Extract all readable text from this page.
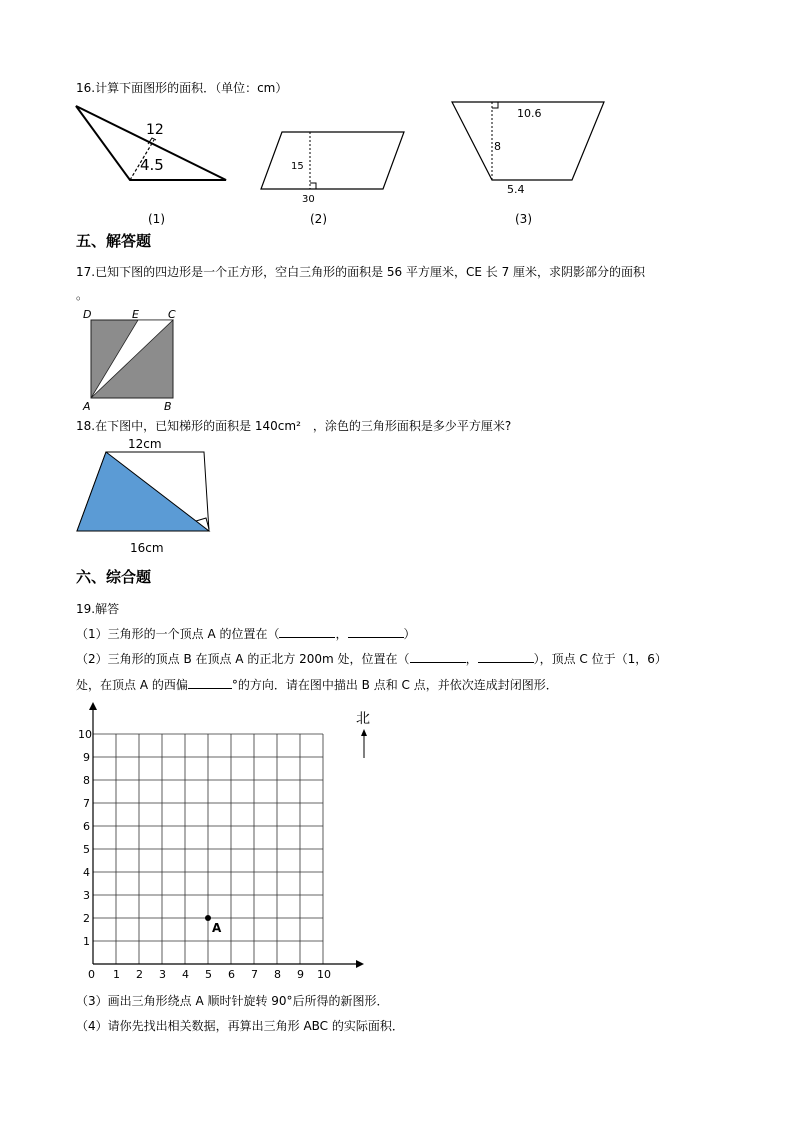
16.计算下面图形的面积．（单位：cm）
12
4.5
(1)
15
30
(2)
10.6
8
5.4
(3)
五、解答题
17.已知下图的四边形是一个正方形，空白三角形的面积是 56 平方厘米，CE 长 7 厘米，求阴影部分的面积
。
D	E	C
A	B
18.在下图中，已知梯形的面积是 140cm²　，涂色的三角形面积是多少平方厘米?
12cm
16cm
六、综合题
19.解答
（1）三角形的一个顶点 A 的位置在（	，	）
（2）三角形的顶点 B 在顶点 A 的正北方 200m 处，位置在（	，	），顶点 C 位于（1，6）
处，在顶点 A 的西偏	°的方向．请在图中描出 B 点和 C 点，并依次连成封闭图形．
0 1 2 3 4 5 6 7 8 9 10
1
2
3
4
5
6
7
8
9
10
A
北
（3）画出三角形绕点 A 顺时针旋转 90°后所得的新图形．
（4）请你先找出相关数据，再算出三角形 ABC 的实际面积．
